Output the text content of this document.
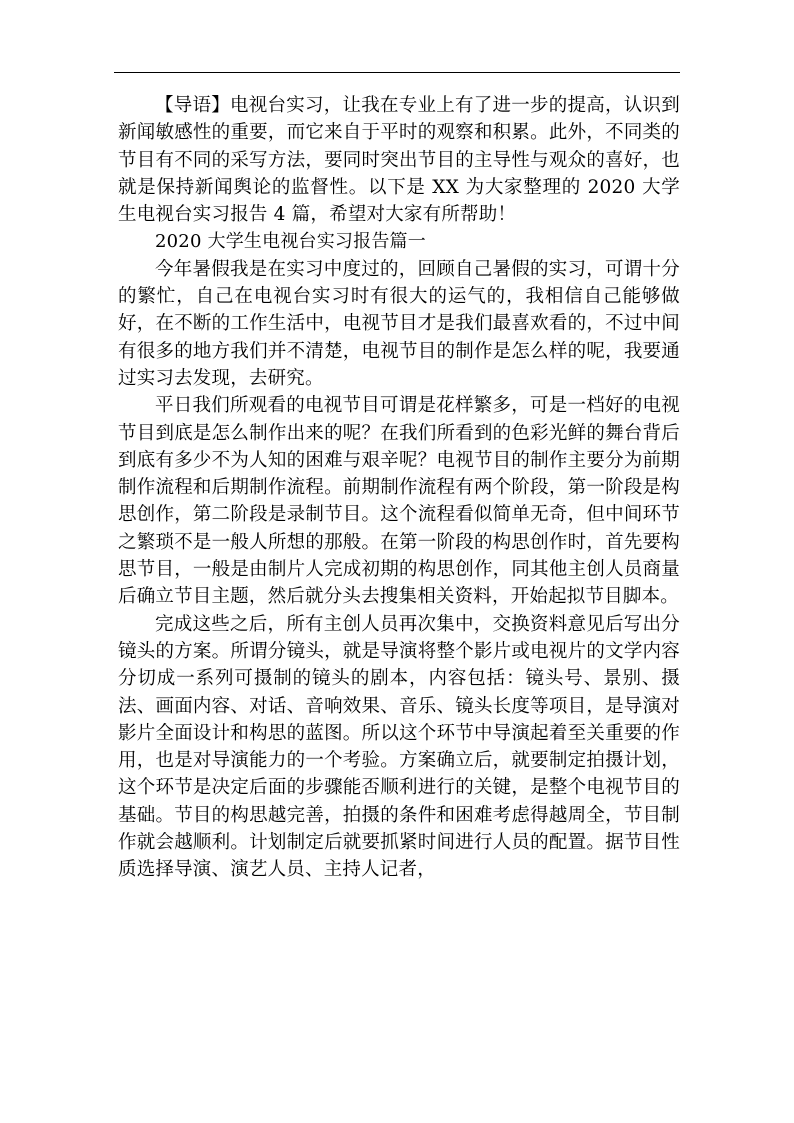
【导语】电视台实习，让我在专业上有了进一步的提高，认识到新闻敏感性的重要，而它来自于平时的观察和积累。此外，不同类的节目有不同的采写方法，要同时突出节目的主导性与观众的喜好，也就是保持新闻舆论的监督性。以下是 XX 为大家整理的 2020 大学生电视台实习报告 4 篇，希望对大家有所帮助！

2020 大学生电视台实习报告篇一

今年暑假我是在实习中度过的，回顾自己暑假的实习，可谓十分的繁忙，自己在电视台实习时有很大的运气的，我相信自己能够做好，在不断的工作生活中，电视节目才是我们最喜欢看的，不过中间有很多的地方我们并不清楚，电视节目的制作是怎么样的呢，我要通过实习去发现，去研究。

平日我们所观看的电视节目可谓是花样繁多，可是一档好的电视节目到底是怎么制作出来的呢？在我们所看到的色彩光鲜的舞台背后到底有多少不为人知的困难与艰辛呢？电视节目的制作主要分为前期制作流程和后期制作流程。前期制作流程有两个阶段，第一阶段是构思创作，第二阶段是录制节目。这个流程看似简单无奇，但中间环节之繁琐不是一般人所想的那般。在第一阶段的构思创作时，首先要构思节目，一般是由制片人完成初期的构思创作，同其他主创人员商量后确立节目主题，然后就分头去搜集相关资料，开始起拟节目脚本。

完成这些之后，所有主创人员再次集中，交换资料意见后写出分镜头的方案。所谓分镜头，就是导演将整个影片或电视片的文学内容分切成一系列可摄制的镜头的剧本，内容包括：镜头号、景别、摄法、画面内容、对话、音响效果、音乐、镜头长度等项目，是导演对影片全面设计和构思的蓝图。所以这个环节中导演起着至关重要的作用，也是对导演能力的一个考验。方案确立后，就要制定拍摄计划，这个环节是决定后面的步骤能否顺利进行的关键，是整个电视节目的基础。节目的构思越完善，拍摄的条件和困难考虑得越周全，节目制作就会越顺利。计划制定后就要抓紧时间进行人员的配置。据节目性质选择导演、演艺人员、主持人记者，
